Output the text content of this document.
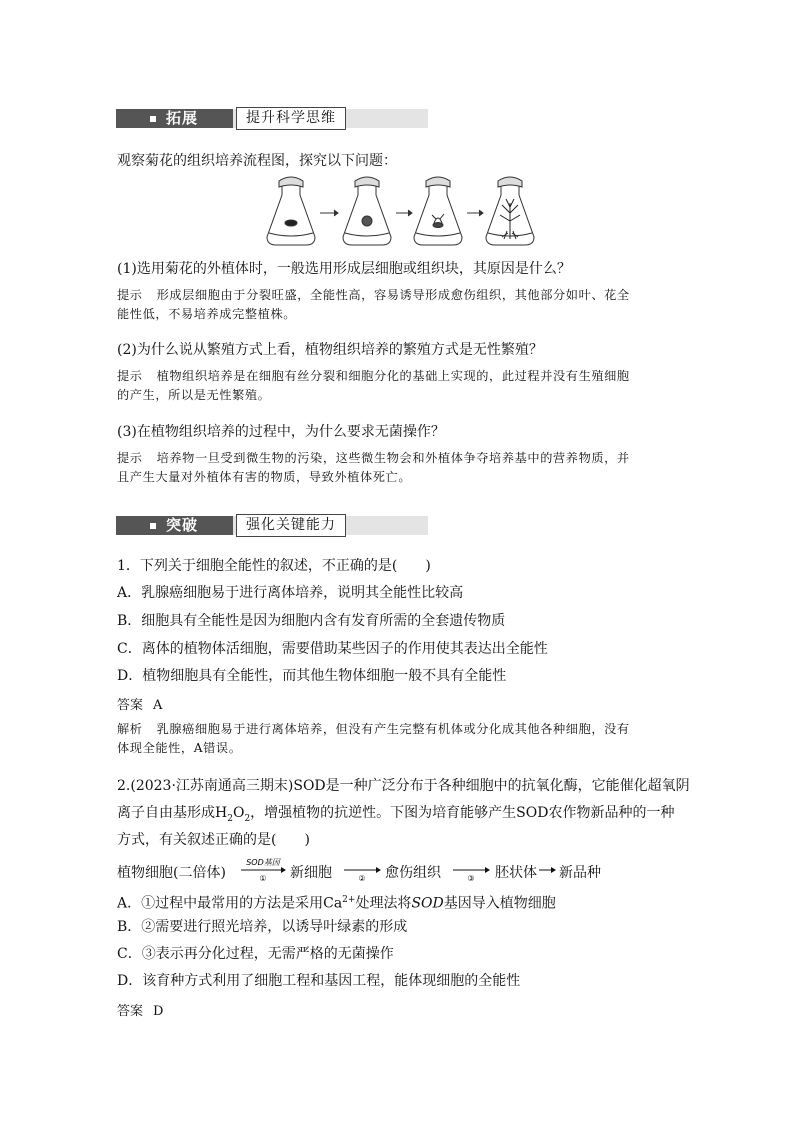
拓展	提升科学思维
观察菊花的组织培养流程图，探究以下问题：
(1)选用菊花的外植体时，一般选用形成层细胞或组织块，其原因是什么？
提示 形成层细胞由于分裂旺盛，全能性高，容易诱导形成愈伤组织，其他部分如叶、花全
能性低，不易培养成完整植株。
(2)为什么说从繁殖方式上看，植物组织培养的繁殖方式是无性繁殖？
提示 植物组织培养是在细胞有丝分裂和细胞分化的基础上实现的，此过程并没有生殖细胞
的产生，所以是无性繁殖。
(3)在植物组织培养的过程中，为什么要求无菌操作？
提示 培养物一旦受到微生物的污染，这些微生物会和外植体争夺培养基中的营养物质，并
且产生大量对外植体有害的物质，导致外植体死亡。
突破	强化关键能力
1．下列关于细胞全能性的叙述，不正确的是(　　)
A．乳腺癌细胞易于进行离体培养，说明其全能性比较高
B．细胞具有全能性是因为细胞内含有发育所需的全套遗传物质
C．离体的植物体活细胞，需要借助某些因子的作用使其表达出全能性
D．植物细胞具有全能性，而其他生物体细胞一般不具有全能性
答案 A
解析 乳腺癌细胞易于进行离体培养，但没有产生完整有机体或分化成其他各种细胞，没有
体现全能性，A错误。
2.(2023·江苏南通高三期末)SOD是一种广泛分布于各种细胞中的抗氧化酶，它能催化超氧阴
离子自由基形成$H_2O_2$，增强植物的抗逆性。下图为培育能够产生SOD农作物新品种的一种
方式，有关叙述正确的是(　　)
植物细胞(二倍体)
SOD基因
① 新细胞	② 愈伤组织	③ 胚状体 新品种
A．①过程中最常用的方法是采用$Ca^{2+}$处理法将SOD基因导入植物细胞
B．②需要进行照光培养，以诱导叶绿素的形成
C．③表示再分化过程，无需严格的无菌操作
D．该育种方式利用了细胞工程和基因工程，能体现细胞的全能性
答案 D
